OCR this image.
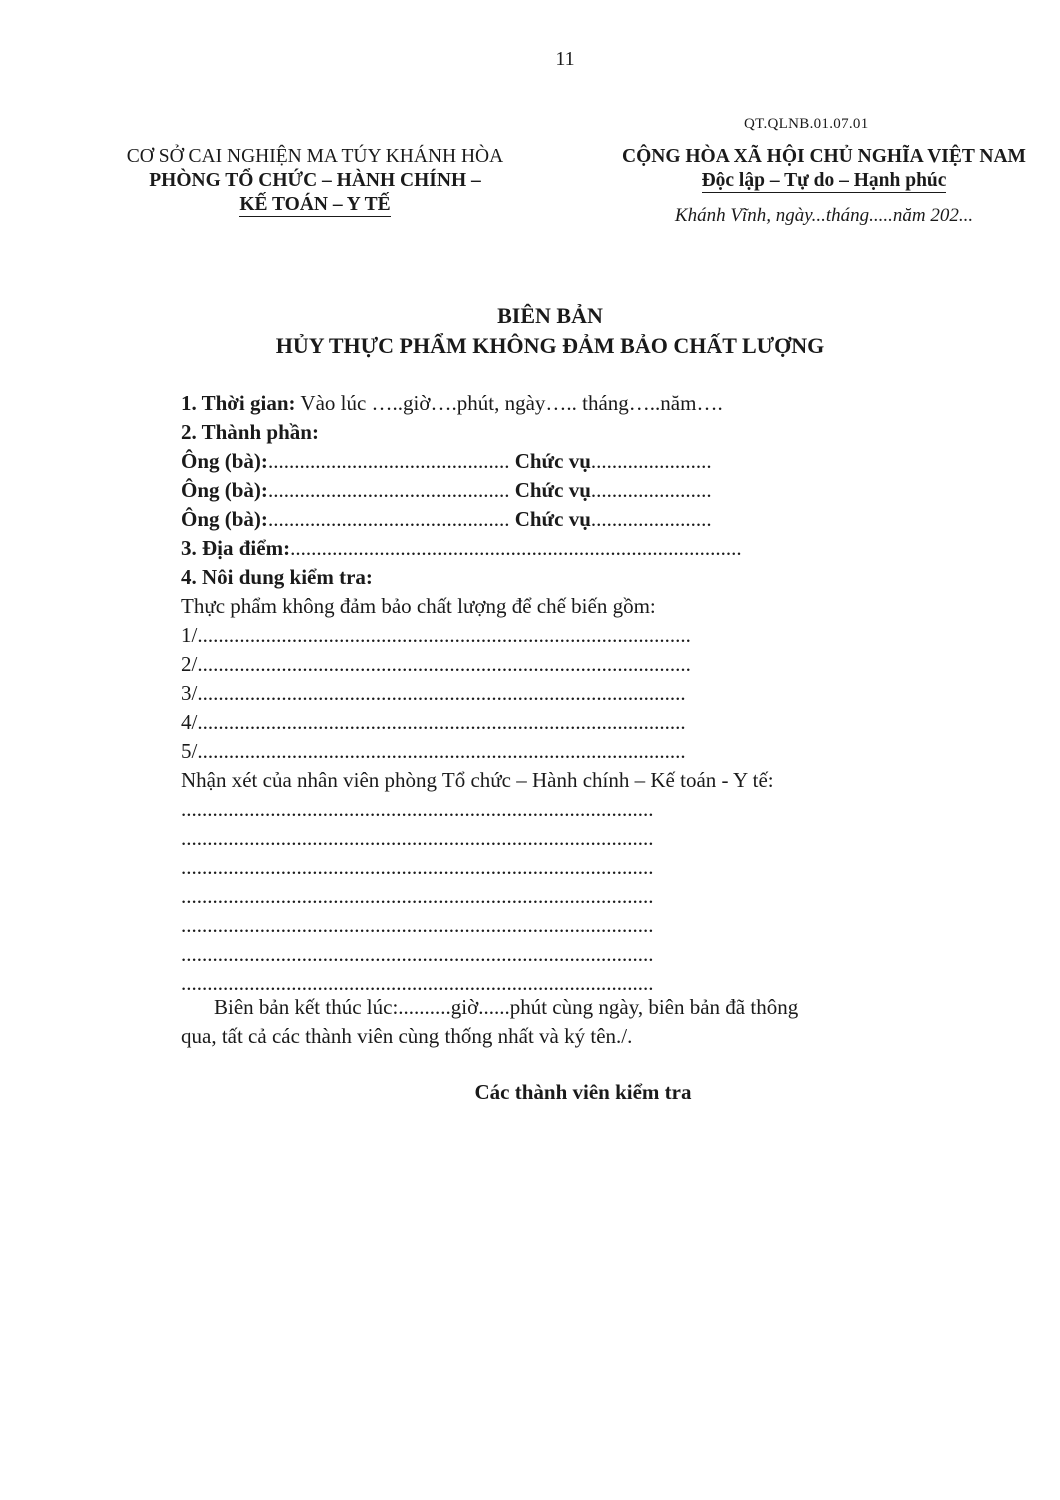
11
QT.QLNB.01.07.01
CƠ SỞ CAI NGHIỆN MA TÚY KHÁNH HÒA
PHÒNG TỔ CHỨC – HÀNH CHÍNH –
KẾ TOÁN – Y TẾ
CỘNG HÒA XÃ HỘI CHỦ NGHĨA VIỆT NAM
Độc lập – Tự do – Hạnh phúc
Khánh Vĩnh, ngày...tháng.....năm 202...
BIÊN BẢN
HỦY THỰC PHẨM KHÔNG ĐẢM BẢO CHẤT LƯỢNG
1. Thời gian: Vào lúc …..giờ….phút, ngày….. tháng…..năm….
2. Thành phần:
Ông (bà):.............................................. Chức vụ.......................
Ông (bà):.............................................. Chức vụ.......................
Ông (bà):.............................................. Chức vụ.......................
3. Địa điểm:......................................................................................
4. Nôi dung kiểm tra:
Thực phẩm không đảm bảo chất lượng để chế biến gồm:
1/..............................................................................................
2/..............................................................................................
3/.............................................................................................
4/.............................................................................................
5/.............................................................................................
Nhận xét của nhân viên phòng Tổ chức – Hành chính – Kế toán - Y tế:
..........................................................................................
..........................................................................................
..........................................................................................
..........................................................................................
..........................................................................................
..........................................................................................
..........................................................................................
Biên bản kết thúc lúc:..........giờ......phút cùng ngày, biên bản đã thông
qua, tất cả các thành viên cùng thống nhất và ký tên./.
Các thành viên kiểm tra
